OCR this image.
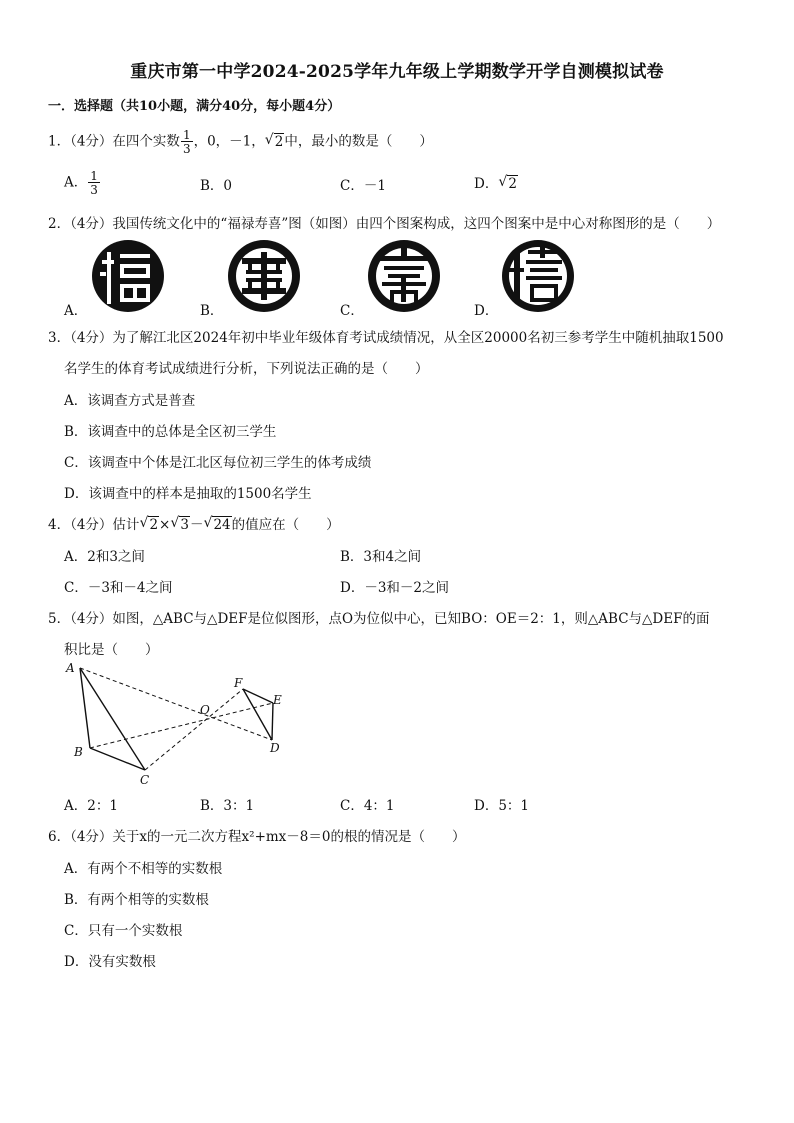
重庆市第一中学2024-2025学年九年级上学期数学开学自测模拟试卷
一．选择题（共10小题，满分40分，每小题4分）
1．（4分）在四个实数 $\frac{1}{3}$ ，0，－1， √ 2中，最小的数是（　　）
A． $\frac{1}{3}$	B．0	C．－1	D． √ 2
2．（4分）我国传统文化中的“福禄寿喜”图（如图）由四个图案构成，这四个图案中是中心对称图形的是（　　）
A．	B．	C．	D．
3．（4分）为了解江北区2024年初中毕业年级体育考试成绩情况，从全区20000名初三参考学生中随机抽取1500
名学生的体育考试成绩进行分析，下列说法正确的是（　　）
A．该调查方式是普查
B．该调查中的总体是全区初三学生
C．该调查中个体是江北区每位初三学生的体考成绩
D．该调查中的样本是抽取的1500名学生
4．（4分）估计 √ 2× √ 3－ √ 24的值应在（　　）
A．2和3之间	B．3和4之间
C．－3和－4之间	D．－3和－2之间
5．（4分）如图，△ABC与△DEF是位似图形，点O为位似中心，已知BO：OE＝2：1，则△ABC与△DEF的面
积比是（　　）
A
B
C
O
F
E
D
A．2：1	B．3：1	C．4：1	D．5：1
6．（4分）关于x的一元二次方程x²+mx－8＝0的根的情况是（　　）
A．有两个不相等的实数根
B．有两个相等的实数根
C．只有一个实数根
D．没有实数根
